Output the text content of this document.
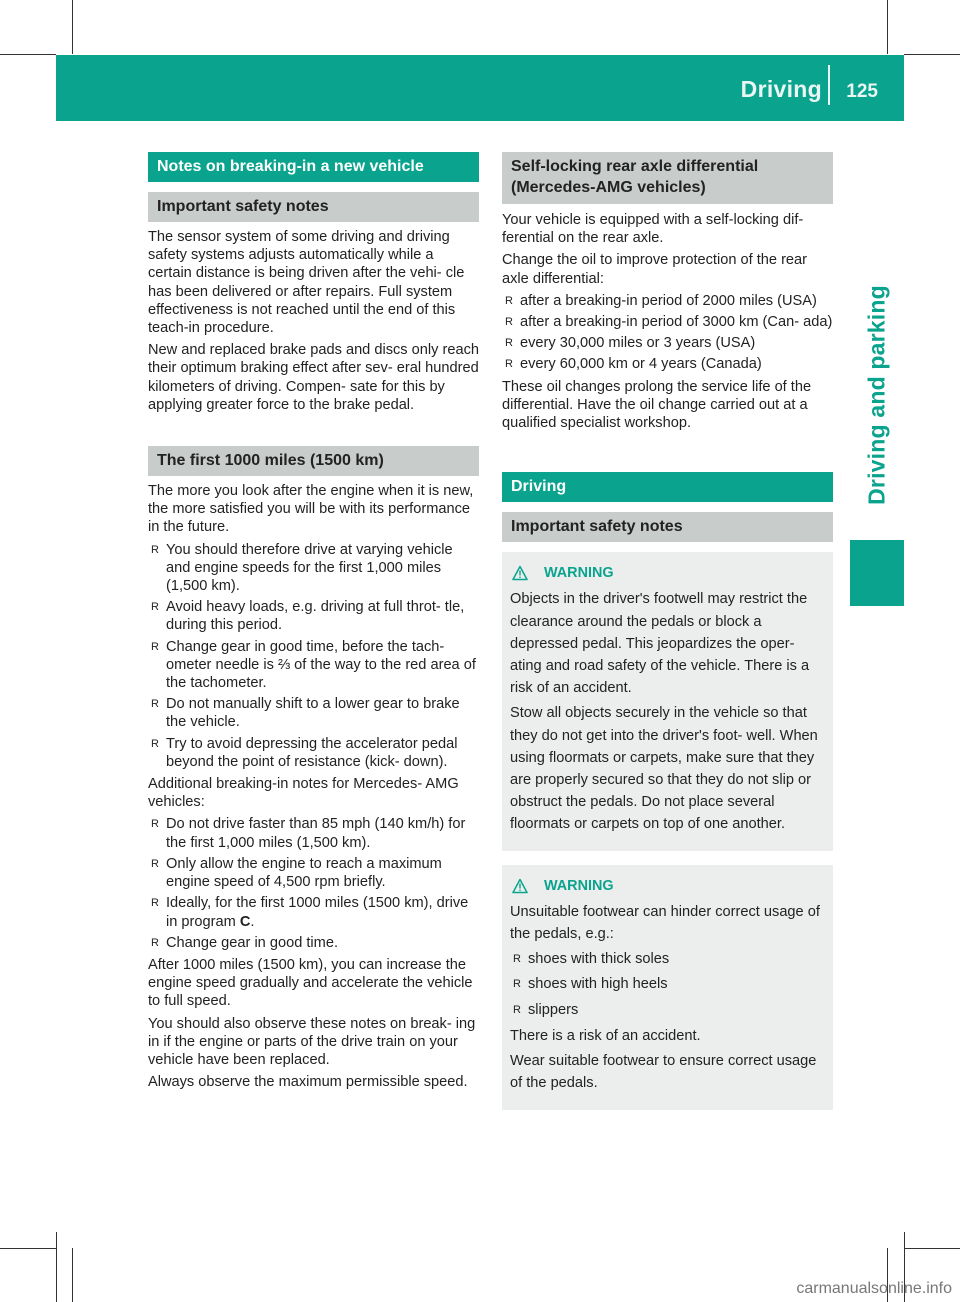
Driving 125
Driving and parking
Notes on breaking-in a new vehicle
Important safety notes

The sensor system of some driving and driving safety systems adjusts automatically while a certain distance is being driven after the vehi- cle has been delivered or after repairs. Full system effectiveness is not reached until the end of this teach-in procedure.

New and replaced brake pads and discs only reach their optimum braking effect after sev- eral hundred kilometers of driving. Compen- sate for this by applying greater force to the brake pedal.

The first 1000 miles (1500 km)

The more you look after the engine when it is new, the more satisfied you will be with its performance in the future.

R You should therefore drive at varying vehicle and engine speeds for the first 1,000 miles (1,500 km).
R Avoid heavy loads, e.g. driving at full throt- tle, during this period.
R Change gear in good time, before the tach- ometer needle is ⅔ of the way to the red area of the tachometer.
R Do not manually shift to a lower gear to brake the vehicle.
R Try to avoid depressing the accelerator pedal beyond the point of resistance (kick- down).

Additional breaking-in notes for Mercedes- AMG vehicles:

R Do not drive faster than 85 mph (140 km/h) for the first 1,000 miles (1,500 km).
R Only allow the engine to reach a maximum engine speed of 4,500 rpm briefly.
R Ideally, for the first 1000 miles (1500 km), drive in program C.
R Change gear in good time.

After 1000 miles (1500 km), you can increase the engine speed gradually and accelerate the vehicle to full speed.

You should also observe these notes on break- ing in if the engine or parts of the drive train on your vehicle have been replaced.

Always observe the maximum permissible speed.

Self-locking rear axle differential (Mercedes-AMG vehicles)

Your vehicle is equipped with a self-locking dif- ferential on the rear axle.

Change the oil to improve protection of the rear axle differential:

R after a breaking-in period of 2000 miles (USA)
R after a breaking-in period of 3000 km (Can- ada)
R every 30,000 miles or 3 years (USA)
R every 60,000 km or 4 years (Canada)

These oil changes prolong the service life of the differential. Have the oil change carried out at a qualified specialist workshop.

Driving
Important safety notes
WARNING

Objects in the driver's footwell may restrict the clearance around the pedals or block a depressed pedal. This jeopardizes the oper- ating and road safety of the vehicle. There is a risk of an accident.

Stow all objects securely in the vehicle so that they do not get into the driver's foot- well. When using floormats or carpets, make sure that they are properly secured so that they do not slip or obstruct the pedals. Do not place several floormats or carpets on top of one another.

WARNING

Unsuitable footwear can hinder correct usage of the pedals, e.g.:

R shoes with thick soles
R shoes with high heels
R slippers

There is a risk of an accident.

Wear suitable footwear to ensure correct usage of the pedals.

carmanualsonline.info
